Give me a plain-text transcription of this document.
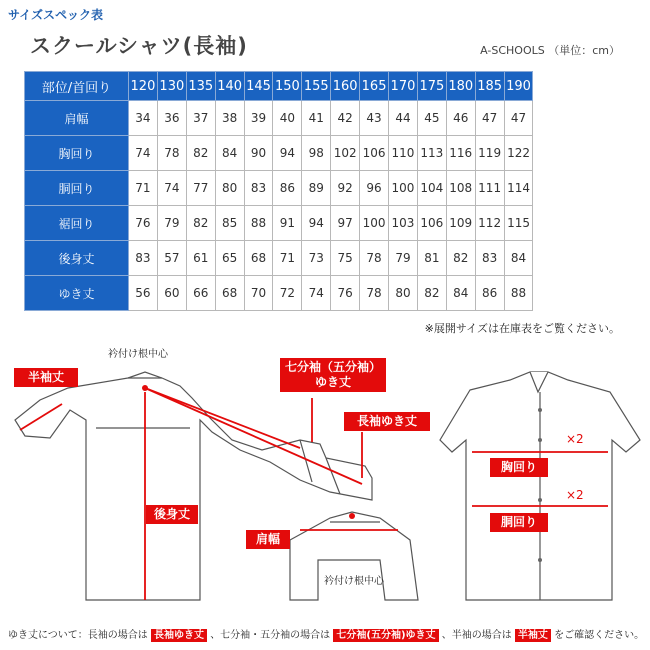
サイズスペック表
スクールシャツ(長袖)	A-SCHOOLS （単位：cm）
部位/首回り	120	130	135	140	145	150	155	160	165	170	175	180	185	190
肩幅	34	36	37	38	39	40	41	42	43	44	45	46	47	47
胸回り	74	78	82	84	90	94	98	102	106	110	113	116	119	122
胴回り	71	74	77	80	83	86	89	92	96	100	104	108	111	114
裾回り	76	79	82	85	88	91	94	97	100	103	106	109	112	115
後身丈	83	57	61	65	68	71	73	75	78	79	81	82	83	84
ゆき丈	56	60	66	68	70	72	74	76	78	80	82	84	86	88
※展開サイズは在庫表をご覧ください。
衿付け根中心
半袖丈
七分袖（五分袖）
ゆき丈
長袖ゆき丈
後身丈
肩幅
衿付け根中心
×2
×2
胸回り
胴回り
ゆき丈について：長袖の場合は 長袖ゆき丈 、七分袖・五分袖の場合は 七分袖(五分袖)ゆき丈 、半袖の場合は 半袖丈 をご確認ください。
